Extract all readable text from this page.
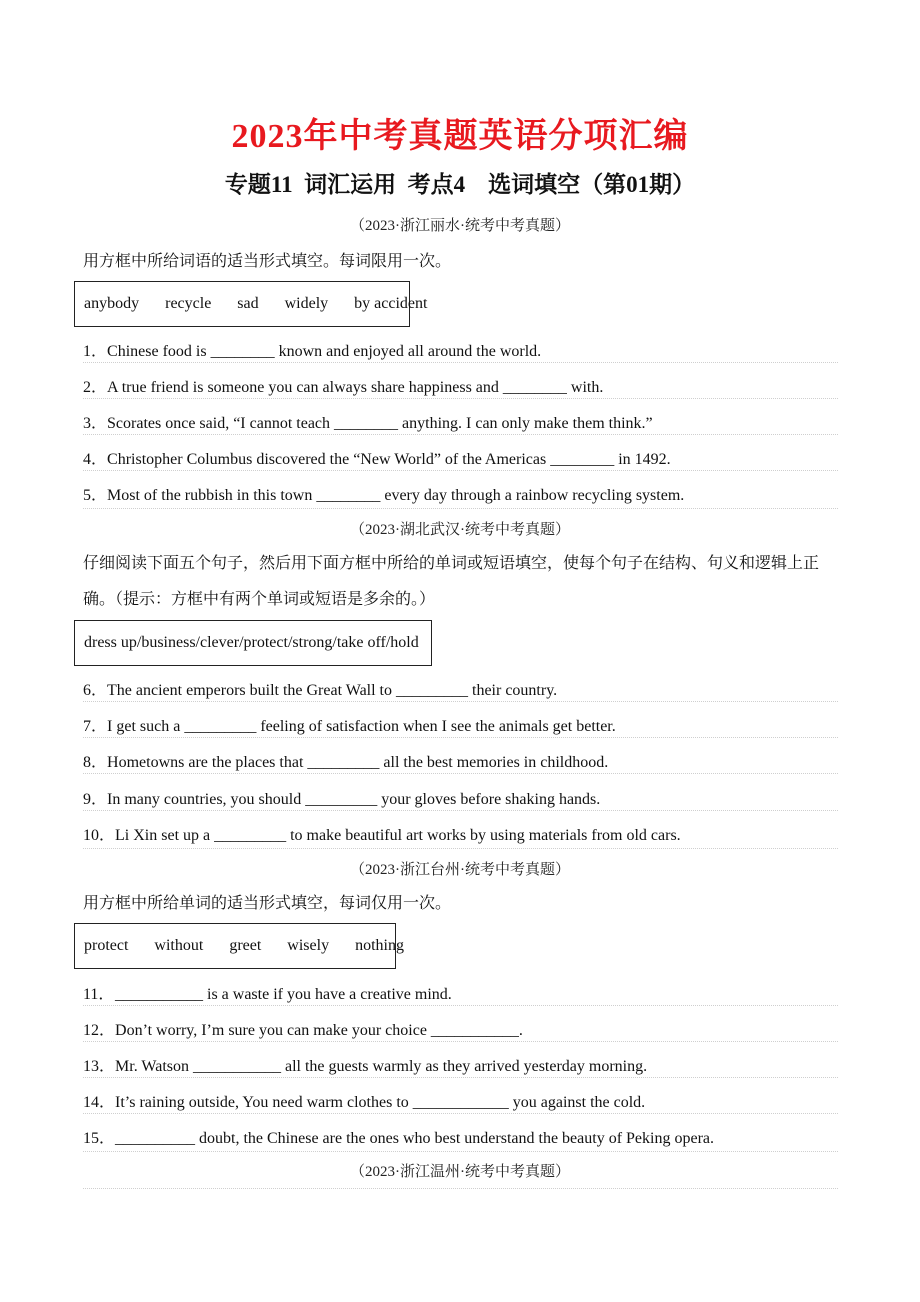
2023年中考真题英语分项汇编
专题11  词汇运用  考点4    选词填空（第01期）
（2023·浙江丽水·统考中考真题）
用方框中所给词语的适当形式填空。每词限用一次。
anybody recycle sad widely by accident
1．Chinese food is ________ known and enjoyed all around the world.
2．A true friend is someone you can always share happiness and ________ with.
3．Scorates once said, “I cannot teach ________ anything. I can only make them think.”
4．Christopher Columbus discovered the “New World” of the Americas ________ in 1492.
5．Most of the rubbish in this town ________ every day through a rainbow recycling system.
（2023·湖北武汉·统考中考真题）
仔细阅读下面五个句子，然后用下面方框中所给的单词或短语填空，使每个句子在结构、句义和逻辑上正确。（提示：方框中有两个单词或短语是多余的。）
dress up/business/clever/protect/strong/take off/hold
6．The ancient emperors built the Great Wall to _________ their country.
7．I get such a _________ feeling of satisfaction when I see the animals get better.
8．Hometowns are the places that _________ all the best memories in childhood.
9．In many countries, you should _________ your gloves before shaking hands.
10．Li Xin set up a _________ to make beautiful art works by using materials from old cars.
（2023·浙江台州·统考中考真题）
用方框中所给单词的适当形式填空，每词仅用一次。
protect without greet wisely nothing
11．___________ is a waste if you have a creative mind.
12．Don’t worry, I’m sure you can make your choice ___________.
13．Mr. Watson ___________ all the guests warmly as they arrived yesterday morning.
14．It’s raining outside, You need warm clothes to ____________ you against the cold.
15．__________ doubt, the Chinese are the ones who best understand the beauty of Peking opera.
（2023·浙江温州·统考中考真题）
